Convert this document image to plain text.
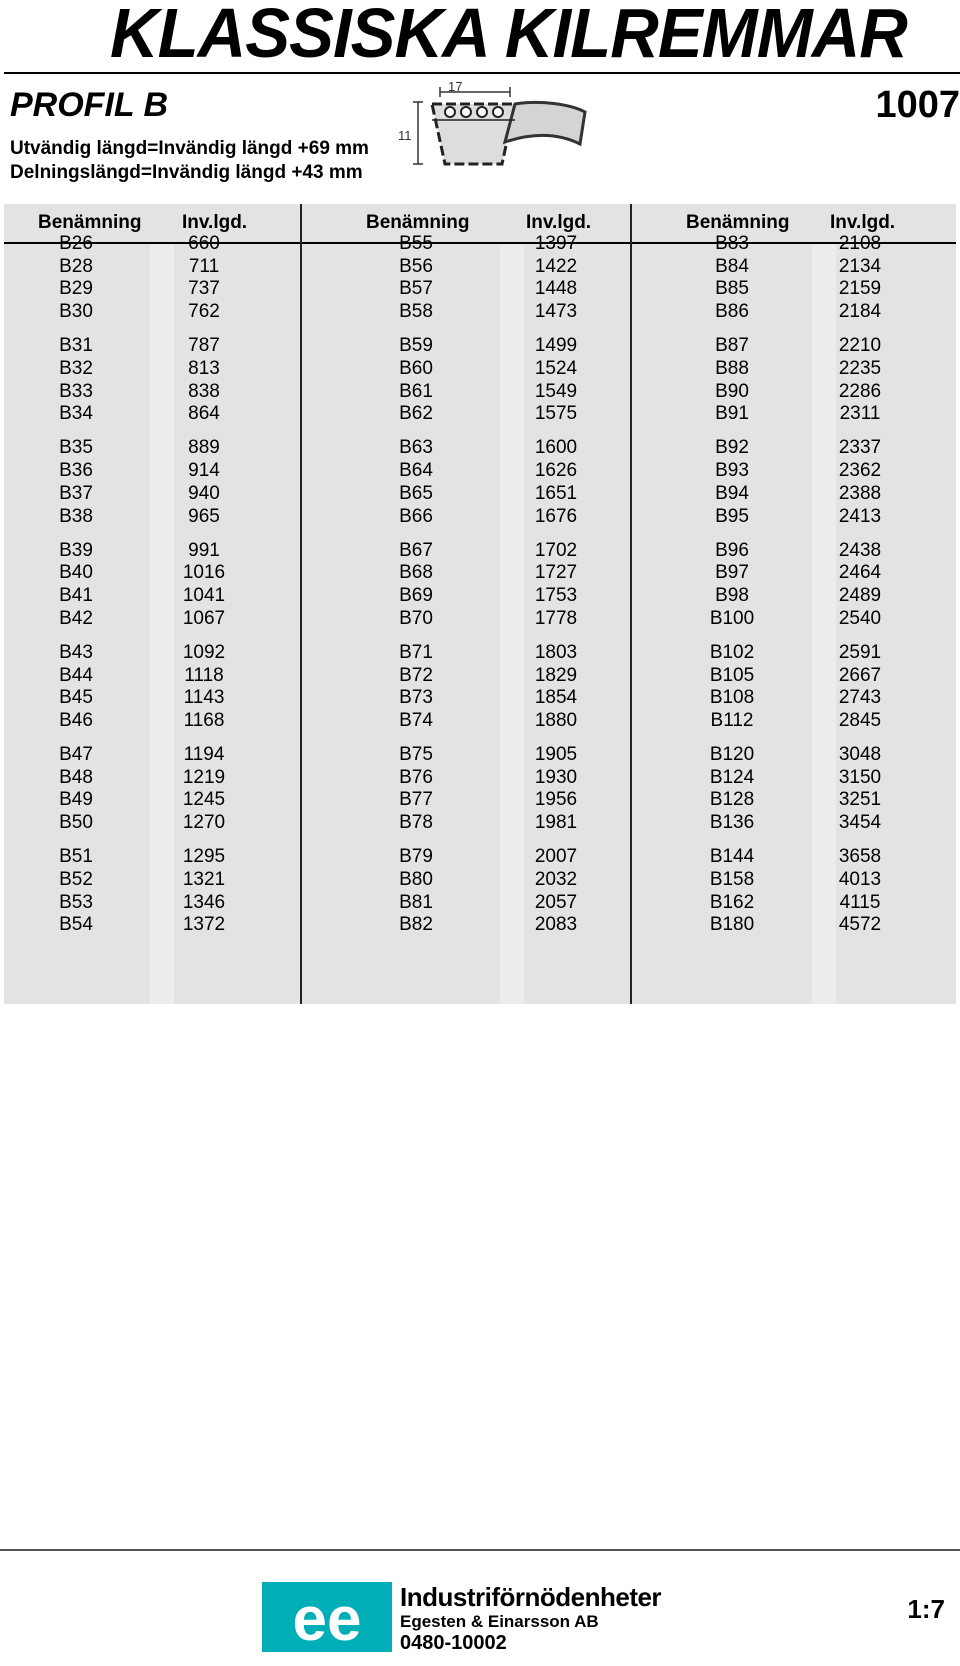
KLASSISKA KILREMMAR
PROFIL B	1007
Utvändig längd=Invändig längd +69 mm
Delningslängd=Invändig längd +43 mm
17
11
Benämning Inv.lgd.	Benämning	Inv.lgd.	Benämning Inv.lgd.
B26	660
B28	711
B29	737
B30	762
B31	787
B32	813
B33	838
B34	864
B35	889
B36	914
B37	940
B38	965
B39	991
B40	1016
B41	1041
B42	1067
B43	1092
B44	1118
B45	1143
B46	1168
B47	1194
B48	1219
B49	1245
B50	1270
B51	1295
B52	1321
B53	1346
B54	1372
B55	1397
B56	1422
B57	1448
B58	1473
B59	1499
B60	1524
B61	1549
B62	1575
B63	1600
B64	1626
B65	1651
B66	1676
B67	1702
B68	1727
B69	1753
B70	1778
B71	1803
B72	1829
B73	1854
B74	1880
B75	1905
B76	1930
B77	1956
B78	1981
B79	2007
B80	2032
B81	2057
B82	2083
B83	2108
B84	2134
B85	2159
B86	2184
B87	2210
B88	2235
B90	2286
B91	2311
B92	2337
B93	2362
B94	2388
B95	2413
B96	2438
B97	2464
B98	2489
B100	2540
B102	2591
B105	2667
B108	2743
B112	2845
B120	3048
B124	3150
B128	3251
B136	3454
B144	3658
B158	4013
B162	4115
B180	4572
ee Industriförnödenheter
Egesten & Einarsson AB
0480-10002
1:7
